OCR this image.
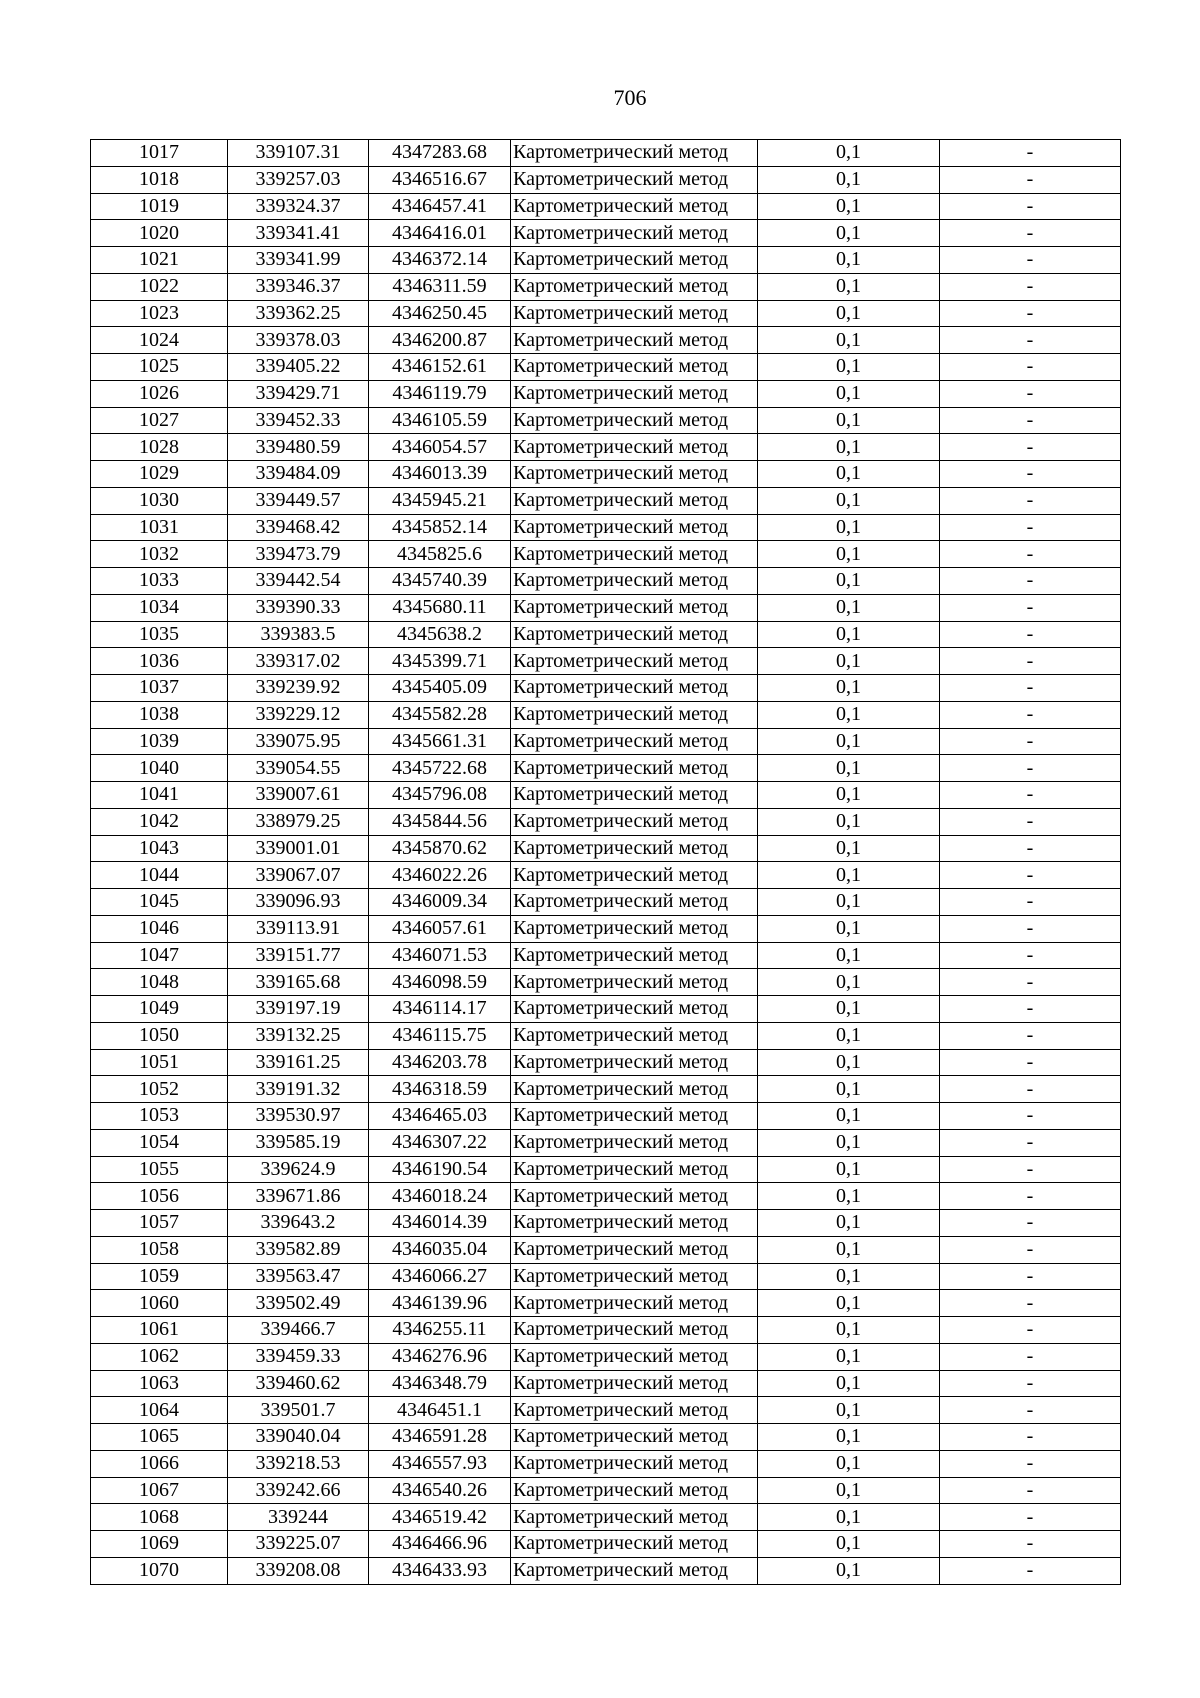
706
1017	339107.31	4347283.68	Картометрический метод	0,1	-
1018	339257.03	4346516.67	Картометрический метод	0,1	-
1019	339324.37	4346457.41	Картометрический метод	0,1	-
1020	339341.41	4346416.01	Картометрический метод	0,1	-
1021	339341.99	4346372.14	Картометрический метод	0,1	-
1022	339346.37	4346311.59	Картометрический метод	0,1	-
1023	339362.25	4346250.45	Картометрический метод	0,1	-
1024	339378.03	4346200.87	Картометрический метод	0,1	-
1025	339405.22	4346152.61	Картометрический метод	0,1	-
1026	339429.71	4346119.79	Картометрический метод	0,1	-
1027	339452.33	4346105.59	Картометрический метод	0,1	-
1028	339480.59	4346054.57	Картометрический метод	0,1	-
1029	339484.09	4346013.39	Картометрический метод	0,1	-
1030	339449.57	4345945.21	Картометрический метод	0,1	-
1031	339468.42	4345852.14	Картометрический метод	0,1	-
1032	339473.79	4345825.6	Картометрический метод	0,1	-
1033	339442.54	4345740.39	Картометрический метод	0,1	-
1034	339390.33	4345680.11	Картометрический метод	0,1	-
1035	339383.5	4345638.2	Картометрический метод	0,1	-
1036	339317.02	4345399.71	Картометрический метод	0,1	-
1037	339239.92	4345405.09	Картометрический метод	0,1	-
1038	339229.12	4345582.28	Картометрический метод	0,1	-
1039	339075.95	4345661.31	Картометрический метод	0,1	-
1040	339054.55	4345722.68	Картометрический метод	0,1	-
1041	339007.61	4345796.08	Картометрический метод	0,1	-
1042	338979.25	4345844.56	Картометрический метод	0,1	-
1043	339001.01	4345870.62	Картометрический метод	0,1	-
1044	339067.07	4346022.26	Картометрический метод	0,1	-
1045	339096.93	4346009.34	Картометрический метод	0,1	-
1046	339113.91	4346057.61	Картометрический метод	0,1	-
1047	339151.77	4346071.53	Картометрический метод	0,1	-
1048	339165.68	4346098.59	Картометрический метод	0,1	-
1049	339197.19	4346114.17	Картометрический метод	0,1	-
1050	339132.25	4346115.75	Картометрический метод	0,1	-
1051	339161.25	4346203.78	Картометрический метод	0,1	-
1052	339191.32	4346318.59	Картометрический метод	0,1	-
1053	339530.97	4346465.03	Картометрический метод	0,1	-
1054	339585.19	4346307.22	Картометрический метод	0,1	-
1055	339624.9	4346190.54	Картометрический метод	0,1	-
1056	339671.86	4346018.24	Картометрический метод	0,1	-
1057	339643.2	4346014.39	Картометрический метод	0,1	-
1058	339582.89	4346035.04	Картометрический метод	0,1	-
1059	339563.47	4346066.27	Картометрический метод	0,1	-
1060	339502.49	4346139.96	Картометрический метод	0,1	-
1061	339466.7	4346255.11	Картометрический метод	0,1	-
1062	339459.33	4346276.96	Картометрический метод	0,1	-
1063	339460.62	4346348.79	Картометрический метод	0,1	-
1064	339501.7	4346451.1	Картометрический метод	0,1	-
1065	339040.04	4346591.28	Картометрический метод	0,1	-
1066	339218.53	4346557.93	Картометрический метод	0,1	-
1067	339242.66	4346540.26	Картометрический метод	0,1	-
1068	339244	4346519.42	Картометрический метод	0,1	-
1069	339225.07	4346466.96	Картометрический метод	0,1	-
1070	339208.08	4346433.93	Картометрический метод	0,1	-
